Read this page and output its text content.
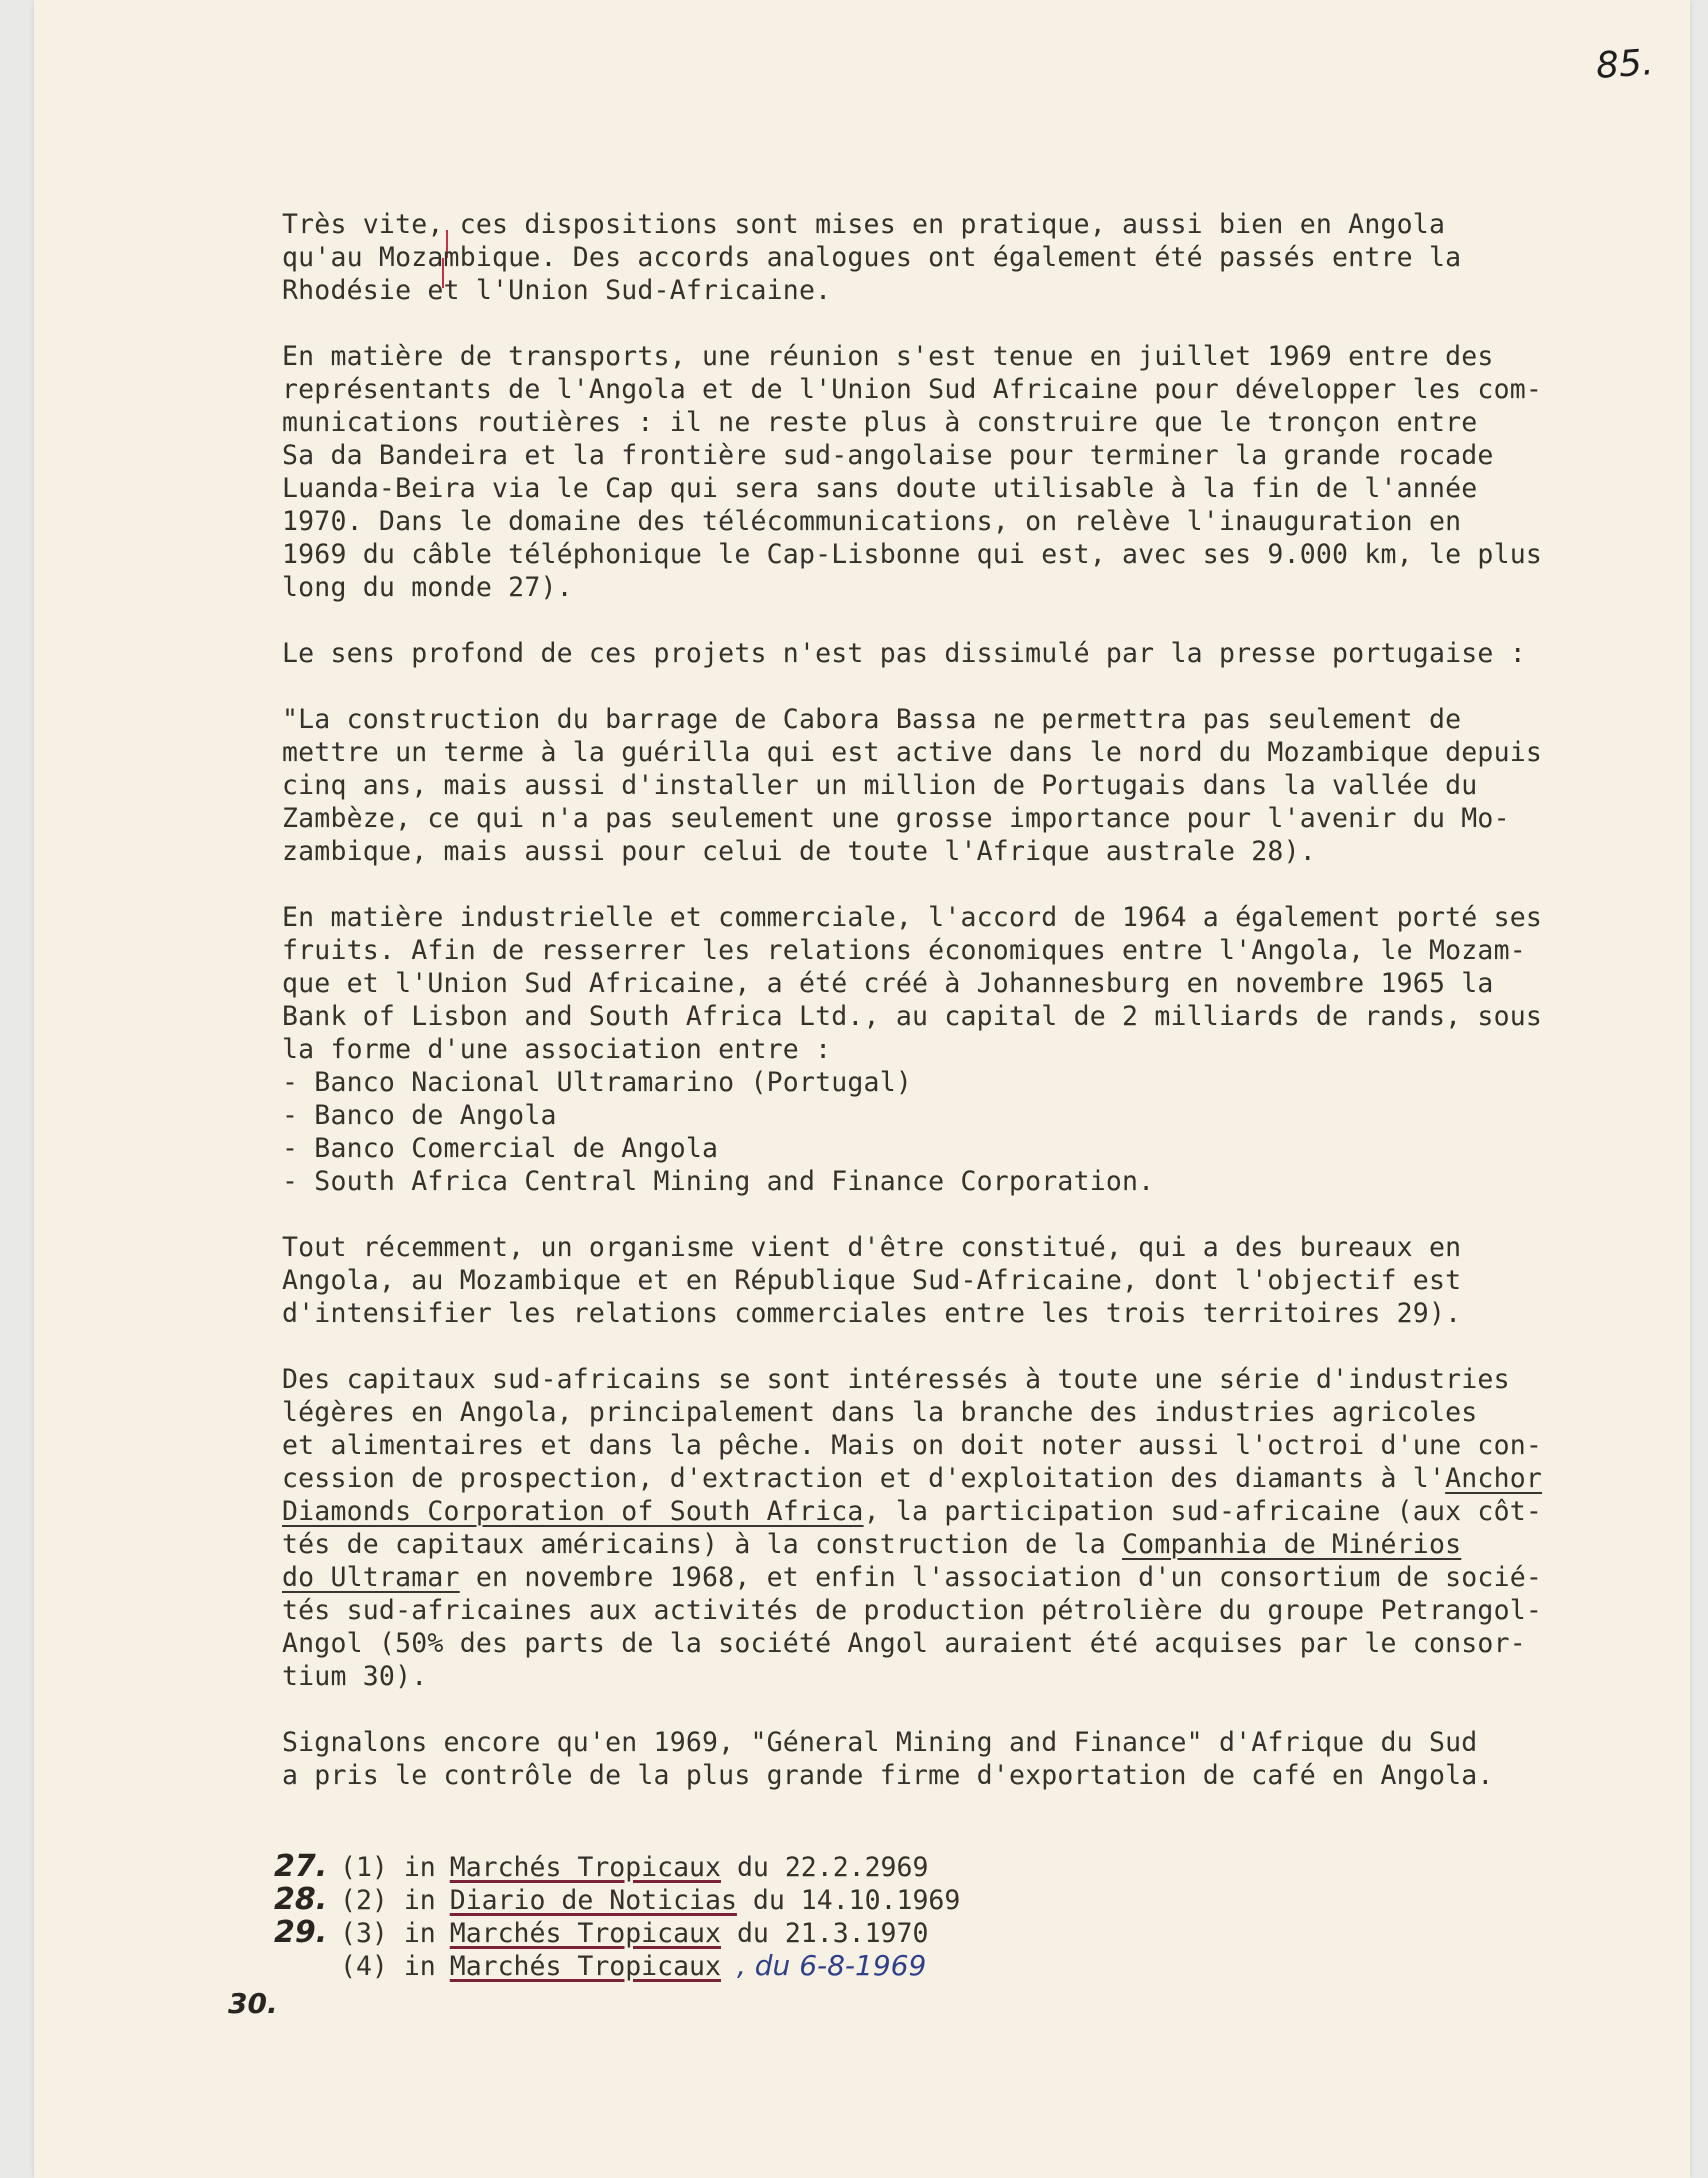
85.
Très vite, ces dispositions sont mises en pratique, aussi bien en Angola
qu'au Mozambique. Des accords analogues ont également été passés entre la
Rhodésie et l'Union Sud-Africaine.
En matière de transports, une réunion s'est tenue en juillet 1969 entre des
représentants de l'Angola et de l'Union Sud Africaine pour développer les com-
munications routières : il ne reste plus à construire que le tronçon entre
Sa da Bandeira et la frontière sud-angolaise pour terminer la grande rocade
Luanda-Beira via le Cap qui sera sans doute utilisable à la fin de l'année
1970. Dans le domaine des télécommunications, on relève l'inauguration en
1969 du câble téléphonique le Cap-Lisbonne qui est, avec ses 9.000 km, le plus
long du monde 27).
Le sens profond de ces projets n'est pas dissimulé par la presse portugaise :
"La construction du barrage de Cabora Bassa ne permettra pas seulement de
mettre un terme à la guérilla qui est active dans le nord du Mozambique depuis
cinq ans, mais aussi d'installer un million de Portugais dans la vallée du
Zambèze, ce qui n'a pas seulement une grosse importance pour l'avenir du Mo-
zambique, mais aussi pour celui de toute l'Afrique australe 28).
En matière industrielle et commerciale, l'accord de 1964 a également porté ses
fruits. Afin de resserrer les relations économiques entre l'Angola, le Mozam-
que et l'Union Sud Africaine, a été créé à Johannesburg en novembre 1965 la
Bank of Lisbon and South Africa Ltd., au capital de 2 milliards de rands, sous
la forme d'une association entre :
- Banco Nacional Ultramarino (Portugal)
- Banco de Angola
- Banco Comercial de Angola
- South Africa Central Mining and Finance Corporation.
Tout récemment, un organisme vient d'être constitué, qui a des bureaux en
Angola, au Mozambique et en République Sud-Africaine, dont l'objectif est
d'intensifier les relations commerciales entre les trois territoires 29).
Des capitaux sud-africains se sont intéressés à toute une série d'industries
légères en Angola, principalement dans la branche des industries agricoles
et alimentaires et dans la pêche. Mais on doit noter aussi l'octroi d'une con-
cession de prospection, d'extraction et d'exploitation des diamants à l'Anchor
Diamonds Corporation of South Africa, la participation sud-africaine (aux côt-
tés de capitaux américains) à la construction de la Companhia de Minérios
do Ultramar en novembre 1968, et enfin l'association d'un consortium de socié-
tés sud-africaines aux activités de production pétrolière du groupe Petrangol-
Angol (50% des parts de la société Angol auraient été acquises par le consor-
tium 30).
Signalons encore qu'en 1969, "Géneral Mining and Finance" d'Afrique du Sud
a pris le contrôle de la plus grande firme d'exportation de café en Angola.
27. (1) in Marchés Tropicaux du 22.2.2969
28. (2) in Diario de Noticias du 14.10.1969
29. (3) in Marchés Tropicaux du 21.3.1970
(4) in Marchés Tropicaux , du 6-8-1969
30.
